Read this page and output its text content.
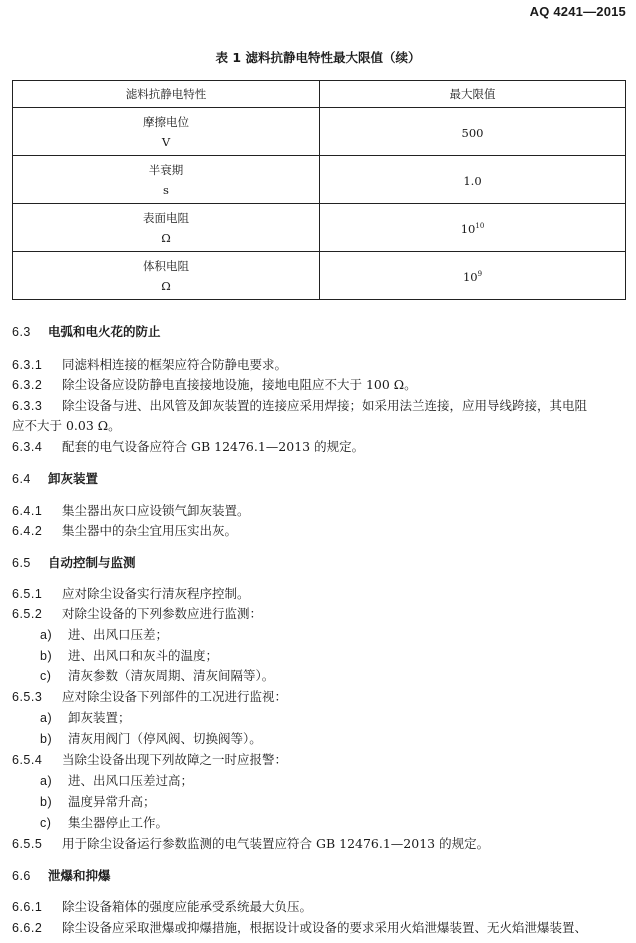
AQ 4241—2015
表 1 滤料抗静电特性最大限值（续）
滤料抗静电特性	最大限值
摩擦电位
V	500
半衰期
s	1.0
表面电阻
Ω	$10^{10}$
体积电阻
Ω	$10^9$
6.3 电弧和电火花的防止
6.3.1 同滤料相连接的框架应符合防静电要求。
6.3.2 除尘设备应设防静电直接接地设施，接地电阻应不大于 100 Ω。
6.3.3 除尘设备与进、出风管及卸灰装置的连接应采用焊接；如采用法兰连接，应用导线跨接，其电阻
应不大于 0.03 Ω。
6.3.4 配套的电气设备应符合 GB 12476.1—2013 的规定。
6.4 卸灰装置
6.4.1 集尘器出灰口应设锁气卸灰装置。
6.4.2 集尘器中的杂尘宜用压实出灰。
6.5 自动控制与监测
6.5.1 应对除尘设备实行清灰程序控制。
6.5.2 对除尘设备的下列参数应进行监测：
a) 进、出风口压差；
b) 进、出风口和灰斗的温度；
c) 清灰参数（清灰周期、清灰间隔等）。
6.5.3 应对除尘设备下列部件的工况进行监视：
a) 卸灰装置；
b) 清灰用阀门（停风阀、切换阀等）。
6.5.4 当除尘设备出现下列故障之一时应报警：
a) 进、出风口压差过高；
b) 温度异常升高；
c) 集尘器停止工作。
6.5.5 用于除尘设备运行参数监测的电气装置应符合 GB 12476.1—2013 的规定。
6.6 泄爆和抑爆
6.6.1 除尘设备箱体的强度应能承受系统最大负压。
6.6.2 除尘设备应采取泄爆或抑爆措施，根据设计或设备的要求采用火焰泄爆装置、无火焰泄爆装置、
